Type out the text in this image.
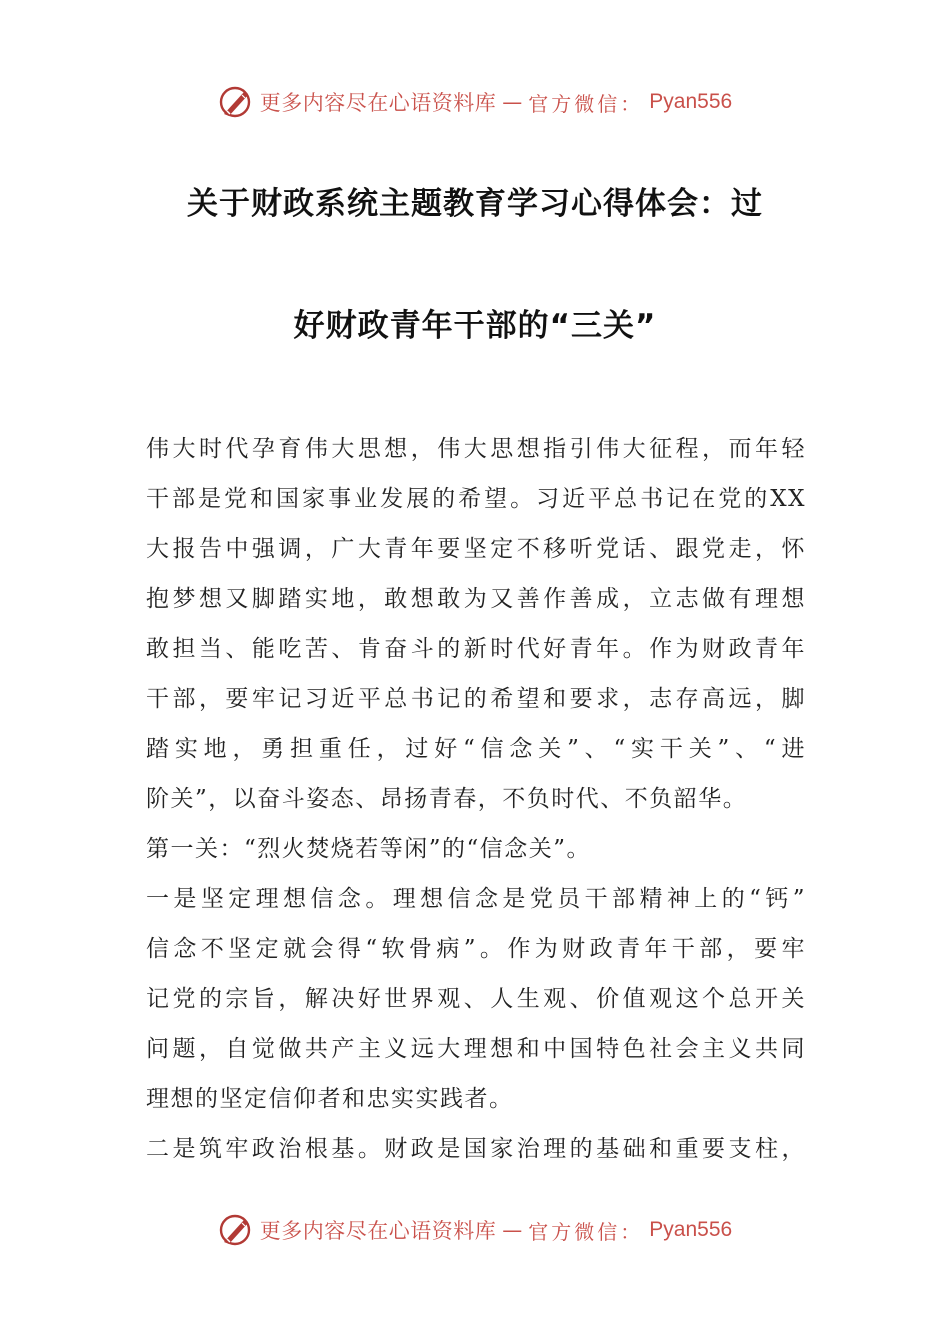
更多内容尽在心语资料库 — 官方微信： Pyan556
关于财政系统主题教育学习心得体会：过
好财政青年干部的“三关”
伟大时代孕育伟大思想，伟大思想指引伟大征程，而年轻
干部是党和国家事业发展的希望。习近平总书记在党的XX
大报告中强调，广大青年要坚定不移听党话、跟党走，怀
抱梦想又脚踏实地，敢想敢为又善作善成，立志做有理想
敢担当、能吃苦、肯奋斗的新时代好青年。作为财政青年
干部，要牢记习近平总书记的希望和要求，志存高远，脚
踏实地，勇担重任，过好“信念关”、“实干关”、“进
阶关”，以奋斗姿态、昂扬青春，不负时代、不负韶华。
第一关：“烈火焚烧若等闲”的“信念关”。
一是坚定理想信念。理想信念是党员干部精神上的“钙”
信念不坚定就会得“软骨病”。作为财政青年干部，要牢
记党的宗旨，解决好世界观、人生观、价值观这个总开关
问题，自觉做共产主义远大理想和中国特色社会主义共同
理想的坚定信仰者和忠实实践者。
二是筑牢政治根基。财政是国家治理的基础和重要支柱，
更多内容尽在心语资料库 — 官方微信： Pyan556
